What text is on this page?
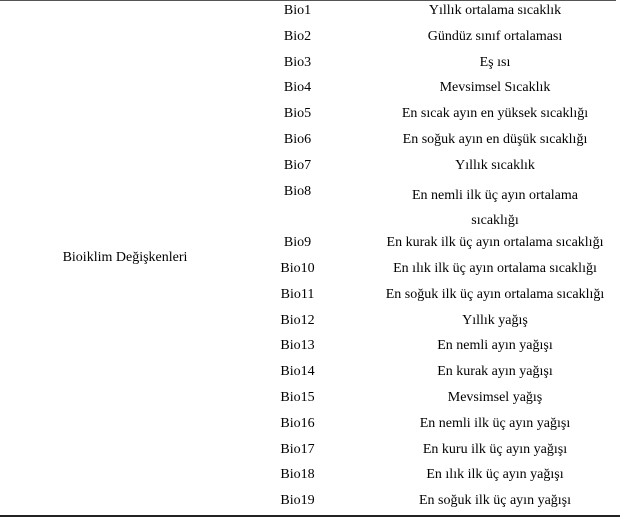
Bioiklim Değişkenleri
Bio1	Yıllık ortalama sıcaklık
Bio2	Gündüz sınıf ortalaması
Bio3	Eş ısı
Bio4	Mevsimsel Sıcaklık
Bio5	En sıcak ayın en yüksek sıcaklığı
Bio6	En soğuk ayın en düşük sıcaklığı
Bio7	Yıllık sıcaklık
Bio8	En nemli ilk üç ayın ortalama sıcaklığı
Bio9	En kurak ilk üç ayın ortalama sıcaklığı
Bio10	En ılık ilk üç ayın ortalama sıcaklığı
Bio11	En soğuk ilk üç ayın ortalama sıcaklığı
Bio12	Yıllık yağış
Bio13	En nemli ayın yağışı
Bio14	En kurak ayın yağışı
Bio15	Mevsimsel yağış
Bio16	En nemli ilk üç ayın yağışı
Bio17	En kuru ilk üç ayın yağışı
Bio18	En ılık ilk üç ayın yağışı
Bio19	En soğuk ilk üç ayın yağışı
